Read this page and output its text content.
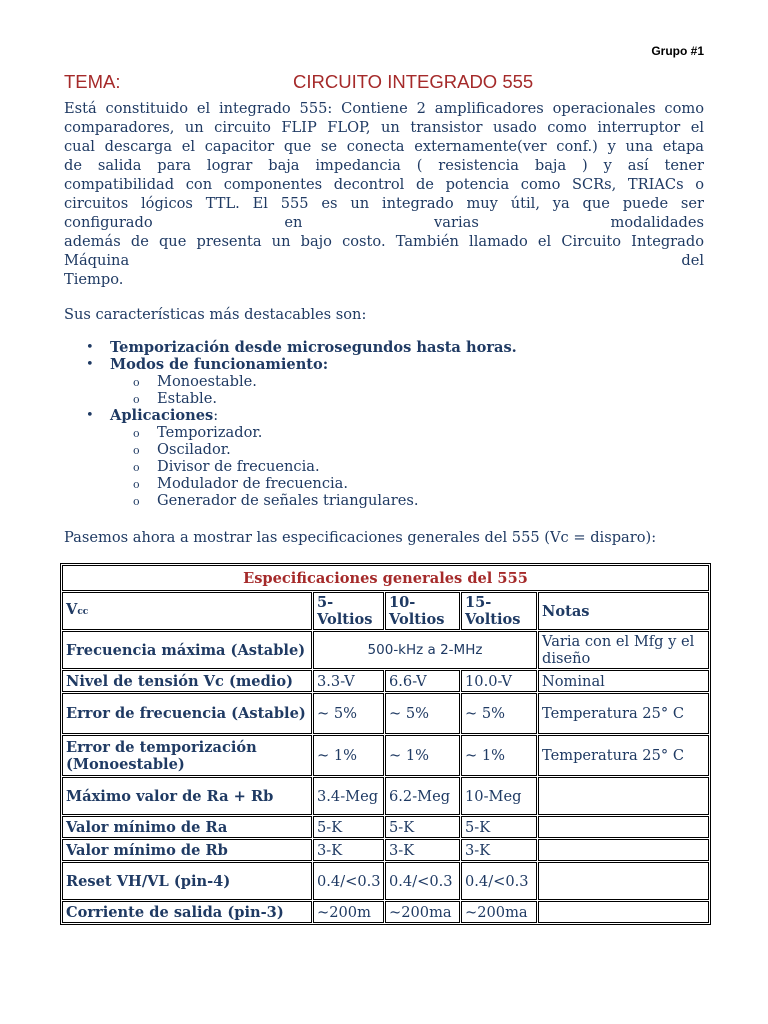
Grupo #1
TEMA:	CIRCUITO INTEGRADO 555

Está constituido el integrado 555: Contiene 2 amplificadores operacionales como
comparadores, un circuito FLIP FLOP, un transistor usado como interruptor el
cual descarga el capacitor que se conecta externamente(ver conf.) y una etapa
de salida para lograr baja impedancia ( resistencia baja ) y así tener
compatibilidad con componentes decontrol de potencia como SCRs, TRIACs o
circuitos lógicos TTL. El 555 es un integrado muy útil, ya que puede ser
configurado en varias modalidades
además de que presenta un bajo costo. También llamado el Circuito Integrado
Máquina del
Tiempo.

Sus características más destacables son:

• Temporización desde microsegundos hasta horas.
• Modos de funcionamiento:
o Monoestable.
o Estable.
• Aplicaciones:
o Temporizador.
o Oscilador.
o Divisor de frecuencia.
o Modulador de frecuencia.
o Generador de señales triangulares.

Pasemos ahora a mostrar las especificaciones generales del 555 (Vc = disparo):

Especificaciones generales del 555				
Vcc	5-Voltios	10-Voltios	15-Voltios	Notas
Frecuencia máxima (Astable)	500-kHz a 2-MHz			Varia con el Mfg y el diseño
Nivel de tensión Vc (medio)	3.3-V	6.6-V	10.0-V	Nominal
Error de frecuencia (Astable)	~ 5%	~ 5%	~ 5%	Temperatura 25° C
Error de temporización (Monoestable)	~ 1%	~ 1%	~ 1%	Temperatura 25° C
Máximo valor de Ra + Rb	3.4-Meg	6.2-Meg	10-Meg	
Valor mínimo de Ra	5-K	5-K	5-K	
Valor mínimo de Rb	3-K	3-K	3-K	
Reset VH/VL (pin-4)	0.4/<0.3	0.4/<0.3	0.4/<0.3	
Corriente de salida (pin-3)	~200m	~200ma	~200ma	
